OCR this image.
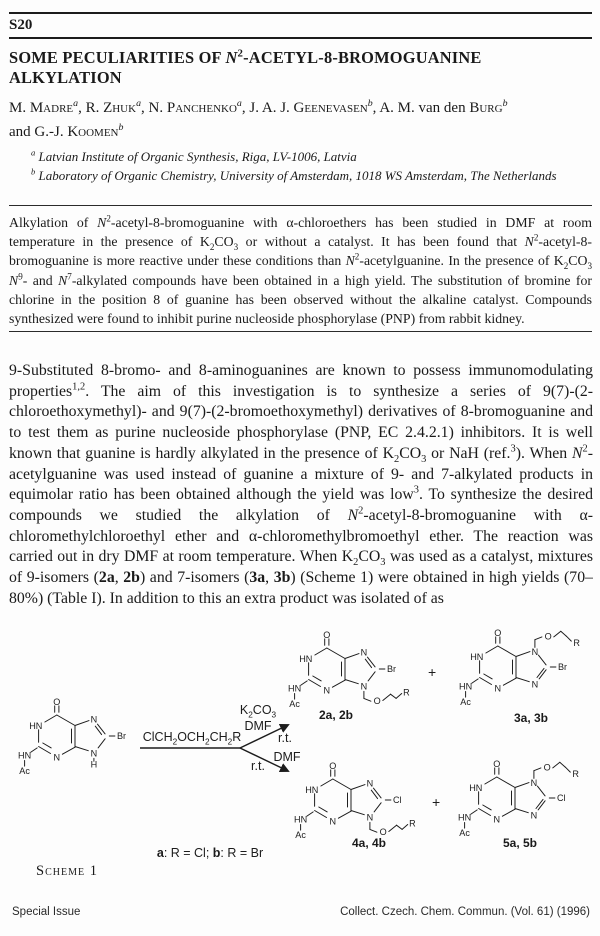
S20
SOME PECULIARITIES OF $N^2-ACETYL-8$-BROMOGUANINE ALKYLATION
M. Madre$^a$, R. Zhuk$^a$, N. Panchenko$^a$, J. A. J. Geenevasen$^b$, A. M. van den Burg$^b$
and G.-J. Koomen$^b$
$^a$ Latvian Institute of Organic Synthesis, Riga, LV-1006, Latvia
$^b$ Laboratory of Organic Chemistry, University of Amsterdam, 1018 WS Amsterdam, The Netherlands
Alkylation of $N^2-acetyl-8$-bromoguanine with α-chloroethers has been studied in DMF at room temperature in the presence of $K_2CO_3$ or without a catalyst. It has been found that $N^2-acetyl-8$-bromoguanine is more reactive under these conditions than $N^2$-acetylguanine. In the presence of $K_2CO_3$ $N^9-$ and $N^7$-alkylated compounds have been obtained in a high yield. The substitution of bromine for chlorine in the position 8 of guanine has been observed without the alkaline catalyst. Compounds synthesized were found to inhibit purine nucleoside phosphorylase (PNP) from rabbit kidney.
9-Substituted 8-bromo- and 8-aminoguanines are known to possess immunomodulating properties$^{1,2}$. The aim of this investigation is to synthesize a series of 9(7)-(2-chloroethoxymethyl)- and 9(7)-(2-bromoethoxymethyl) derivatives of 8-bromoguanine and to test them as purine nucleoside phosphorylase (PNP, EC 2.4.2.1) inhibitors. It is well known that guanine is hardly alkylated in the presence of $K_2CO_3$ or NaH (ref.$^3$). When $N^2$-acetylguanine was used instead of guanine a mixture of 9- and 7-alkylated products in equimolar ratio has been obtained although the yield was low$^3$. To synthesize the desired compounds we studied the alkylation of $N^2-acetyl-8$-bromoguanine with α-chloromethylchloroethyl ether and α-chloromethylbromoethyl ether. The reaction was carried out in dry DMF at room temperature. When $K_2CO_3$ was used as a catalyst, mixtures of 9-isomers (2a, 2b) and 7-isomers (3a, 3b) (Scheme 1) were obtained in high yields (70–80%) (Table I). In addition to this an extra product was isolated of as
O
HN
N
N
N
Br
HN
Ac
H
$ClCH_2OCH_2CH_2R$
$K_2CO_3$
DMF
r.t.
DMF
r.t.
O
HN
N
N
N
Br
HN
Ac	O
R
+
O
HN
N
N
N
Br
HN
Ac
O
R
2a, 2b	3a, 3b
O
HN
N
N
N
Cl
HN
Ac	O
R
+
O
HN
N
N
N
Cl
HN
Ac
O
R
4a, 4b	5a, 5b
a: R = Cl; b: R = Br
Scheme 1
Special Issue	Collect. Czech. Chem. Commun. (Vol. 61) (1996)
